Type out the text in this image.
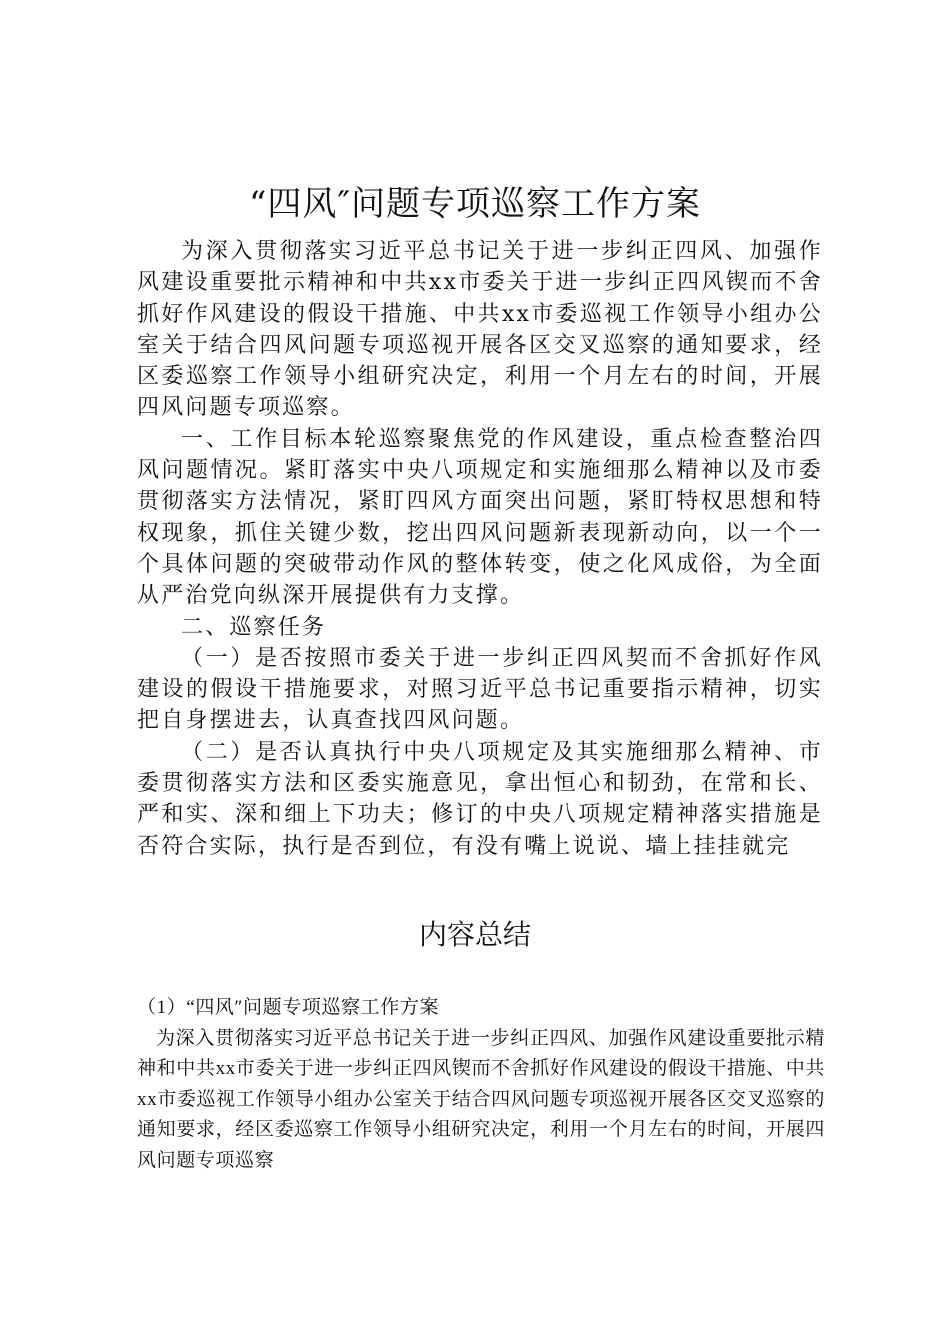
“四风″问题专项巡察工作方案

为深入贯彻落实习近平总书记关于进一步纠正四风、加强作风建设重要批示精神和中共xx市委关于进一步纠正四风锲而不舍抓好作风建设的假设干措施、中共xx市委巡视工作领导小组办公室关于结合四风问题专项巡视开展各区交叉巡察的通知要求，经区委巡察工作领导小组研究决定，利用一个月左右的时间，开展四风问题专项巡察。

一、工作目标本轮巡察聚焦党的作风建设，重点检查整治四风问题情况。紧盯落实中央八项规定和实施细那么精神以及市委贯彻落实方法情况，紧盯四风方面突出问题，紧盯特权思想和特权现象，抓住关键少数，挖出四风问题新表现新动向，以一个一个具体问题的突破带动作风的整体转变，使之化风成俗，为全面从严治党向纵深开展提供有力支撑。

二、巡察任务

（一）是否按照市委关于进一步纠正四风契而不舍抓好作风建设的假设干措施要求，对照习近平总书记重要指示精神，切实把自身摆进去，认真查找四风问题。

（二）是否认真执行中央八项规定及其实施细那么精神、市委贯彻落实方法和区委实施意见，拿出恒心和韧劲，在常和长、严和实、深和细上下功夫；修订的中央八项规定精神落实措施是否符合实际，执行是否到位，有没有嘴上说说、墙上挂挂就完

内容总结

（1）“四风″问题专项巡察工作方案

为深入贯彻落实习近平总书记关于进一步纠正四风、加强作风建设重要批示精神和中共xx市委关于进一步纠正四风锲而不舍抓好作风建设的假设干措施、中共xx市委巡视工作领导小组办公室关于结合四风问题专项巡视开展各区交叉巡察的通知要求，经区委巡察工作领导小组研究决定，利用一个月左右的时间，开展四风问题专项巡察
